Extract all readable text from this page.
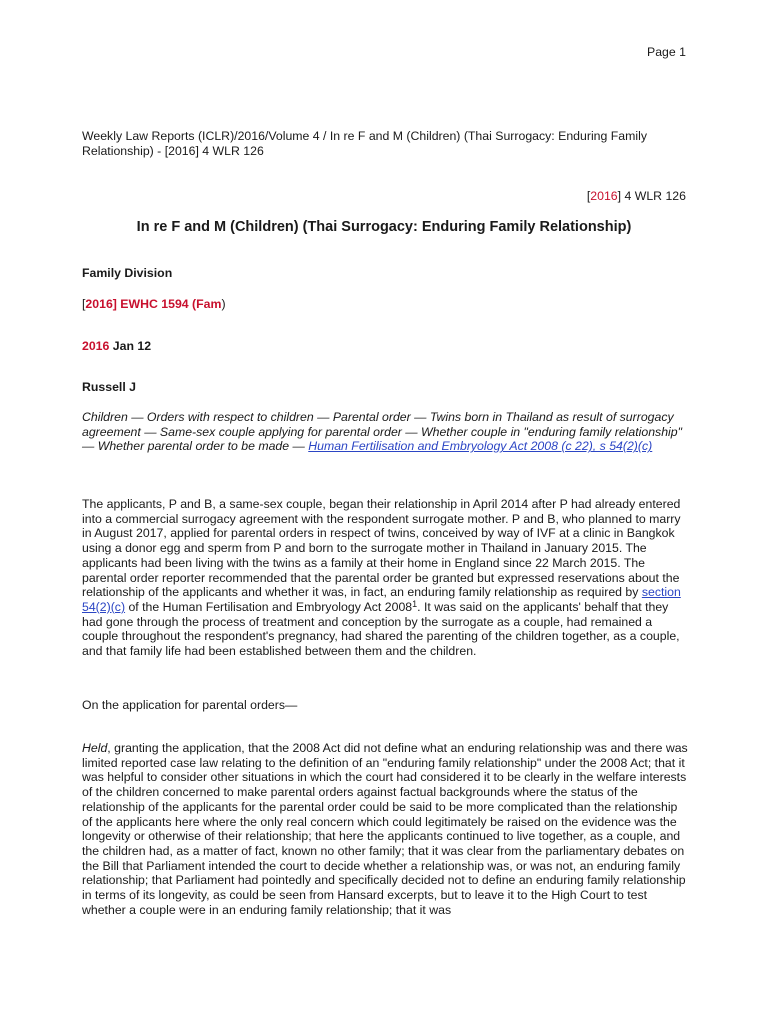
Page 1
Weekly Law Reports (ICLR)/2016/Volume 4 / In re F and M (Children) (Thai Surrogacy: Enduring Family
Relationship) - [2016] 4 WLR 126
[2016] 4 WLR 126
In re F and M (Children) (Thai Surrogacy: Enduring Family Relationship)
Family Division
[2016] EWHC 1594 (Fam)
2016 Jan 12
Russell J
Children — Orders with respect to children — Parental order — Twins born in Thailand as result of surrogacy agreement — Same-sex couple applying for parental order — Whether couple in "enduring family relationship" — Whether parental order to be made — Human Fertilisation and Embryology Act 2008 (c 22), s 54(2)(c)
The applicants, P and B, a same-sex couple, began their relationship in April 2014 after P had already entered into a commercial surrogacy agreement with the respondent surrogate mother. P and B, who planned to marry in August 2017, applied for parental orders in respect of twins, conceived by way of IVF at a clinic in Bangkok using a donor egg and sperm from P and born to the surrogate mother in Thailand in January 2015. The applicants had been living with the twins as a family at their home in England since 22 March 2015. The parental order reporter recommended that the parental order be granted but expressed reservations about the relationship of the applicants and whether it was, in fact, an enduring family relationship as required by section 54(2)(c) of the Human Fertilisation and Embryology Act 2008$^1$. It was said on the applicants' behalf that they had gone through the process of treatment and conception by the surrogate as a couple, had remained a couple throughout the respondent's pregnancy, had shared the parenting of the children together, as a couple, and that family life had been established between them and the children.
On the application for parental orders—
Held, granting the application, that the 2008 Act did not define what an enduring relationship was and there was limited reported case law relating to the definition of an "enduring family relationship" under the 2008 Act; that it was helpful to consider other situations in which the court had considered it to be clearly in the welfare interests of the children concerned to make parental orders against factual backgrounds where the status of the relationship of the applicants for the parental order could be said to be more complicated than the relationship of the applicants here where the only real concern which could legitimately be raised on the evidence was the longevity or otherwise of their relationship; that here the applicants continued to live together, as a couple, and the children had, as a matter of fact, known no other family; that it was clear from the parliamentary debates on the Bill that Parliament intended the court to decide whether a relationship was, or was not, an enduring family relationship; that Parliament had pointedly and specifically decided not to define an enduring family relationship in terms of its longevity, as could be seen from Hansard excerpts, but to leave it to the High Court to test whether a couple were in an enduring family relationship; that it was
